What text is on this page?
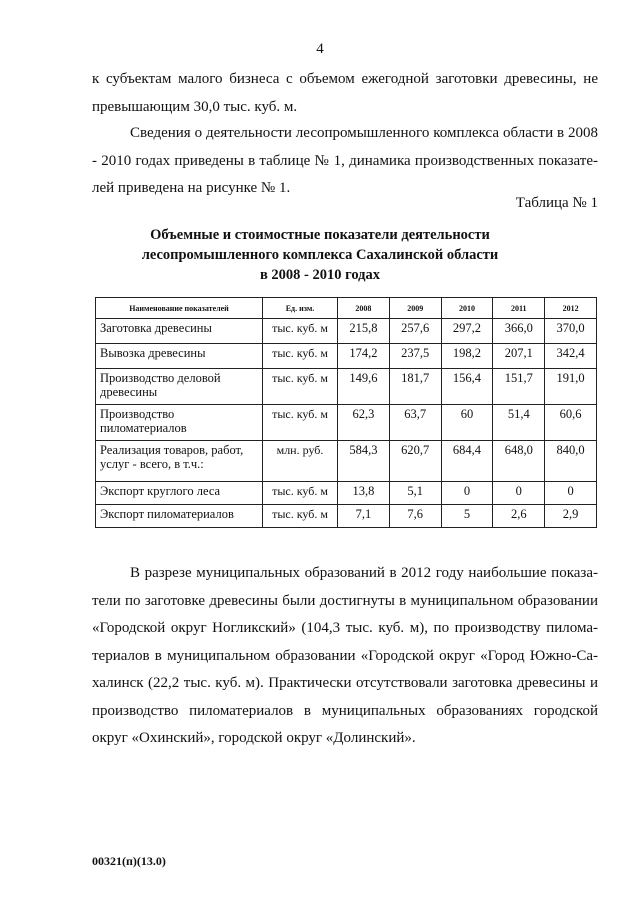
4
к субъектам малого бизнеса с объемом ежегодной заготовки древесины, не
превышающим 30,0 тыс. куб. м.
Сведения о деятельности лесопромышленного комплекса области в 2008
- 2010 годах приведены в таблице № 1, динамика производственных показате-
лей приведена на рисунке № 1.
Таблица № 1
Объемные и стоимостные показатели деятельности
лесопромышленного комплекса Сахалинской области
в 2008 - 2010 годах
Наименование показателей	Ед. изм.	2008	2009	2010	2011	2012
Заготовка древесины	тыс. куб. м	215,8	257,6	297,2	366,0	370,0
Вывозка древесины	тыс. куб. м	174,2	237,5	198,2	207,1	342,4
Производство деловой древесины	тыс. куб. м	149,6	181,7	156,4	151,7	191,0
Производство пиломатериалов	тыс. куб. м	62,3	63,7	60	51,4	60,6
Реализация товаров, работ, услуг - всего, в т.ч.:	млн. руб.	584,3	620,7	684,4	648,0	840,0
Экспорт круглого леса	тыс. куб. м	13,8	5,1	0	0	0
Экспорт пиломатериалов	тыс. куб. м	7,1	7,6	5	2,6	2,9
В разрезе муниципальных образований в 2012 году наибольшие показа-
тели по заготовке древесины были достигнуты в муниципальном образовании
«Городской округ Ногликский» (104,3 тыс. куб. м), по производству пилома-
териалов в муниципальном образовании «Городской округ «Город Южно-Са-
халинск (22,2 тыс. куб. м). Практически отсутствовали заготовка древесины и
производство пиломатериалов в муниципальных образованиях городской
округ «Охинский», городской округ «Долинский».
00321(п)(13.0)
